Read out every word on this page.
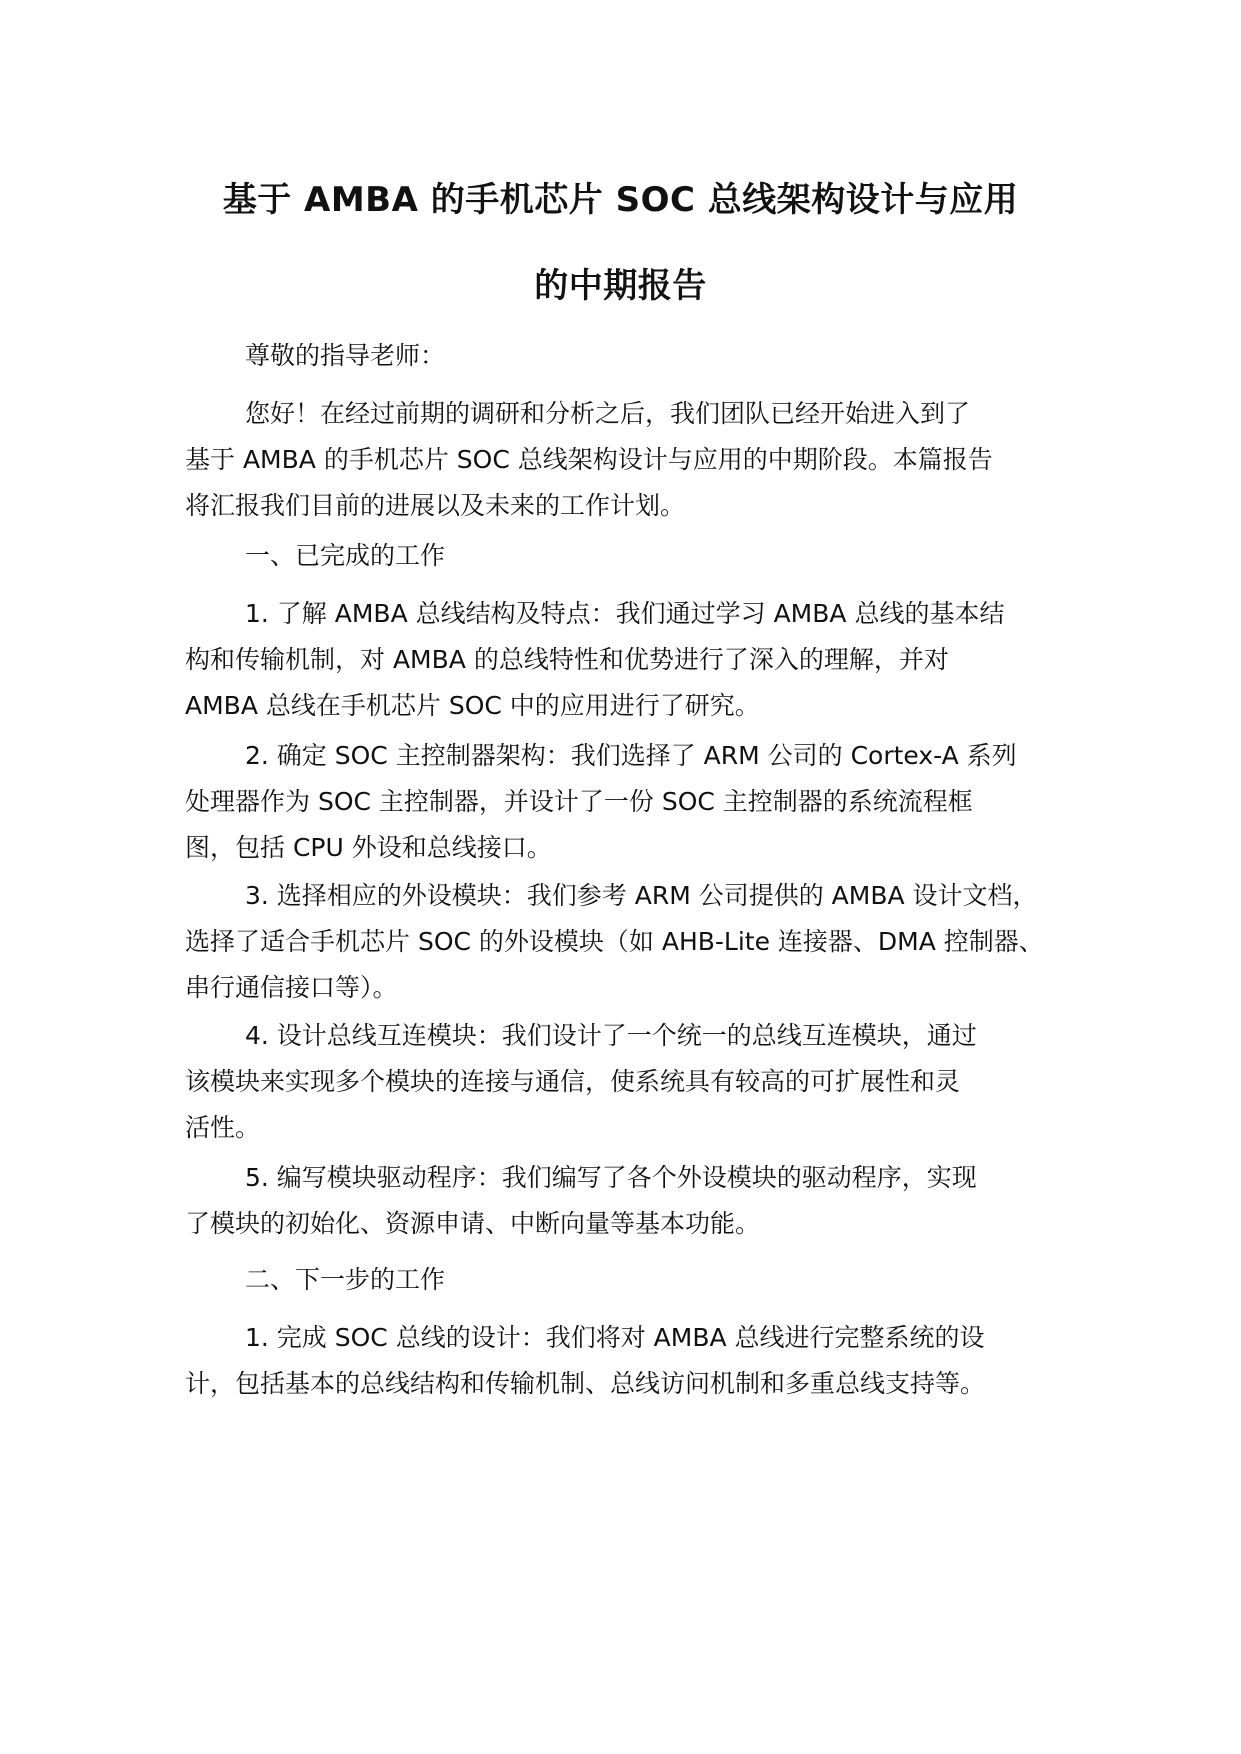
基于 AMBA 的手机芯片 SOC 总线架构设计与应用
的中期报告

尊敬的指导老师：

您好！在经过前期的调研和分析之后，我们团队已经开始进入到了
基于 AMBA 的手机芯片 SOC 总线架构设计与应用的中期阶段。本篇报告
将汇报我们目前的进展以及未来的工作计划。

一、已完成的工作

1. 了解 AMBA 总线结构及特点：我们通过学习 AMBA 总线的基本结
构和传输机制，对 AMBA 的总线特性和优势进行了深入的理解，并对
AMBA 总线在手机芯片 SOC 中的应用进行了研究。

2. 确定 SOC 主控制器架构：我们选择了 ARM 公司的 Cortex-A 系列
处理器作为 SOC 主控制器，并设计了一份 SOC 主控制器的系统流程框
图，包括 CPU 外设和总线接口。

3. 选择相应的外设模块：我们参考 ARM 公司提供的 AMBA 设计文档，
选择了适合手机芯片 SOC 的外设模块（如 AHB-Lite 连接器、DMA 控制器、
串行通信接口等）。

4. 设计总线互连模块：我们设计了一个统一的总线互连模块，通过
该模块来实现多个模块的连接与通信，使系统具有较高的可扩展性和灵
活性。

5. 编写模块驱动程序：我们编写了各个外设模块的驱动程序，实现
了模块的初始化、资源申请、中断向量等基本功能。

二、下一步的工作

1. 完成 SOC 总线的设计：我们将对 AMBA 总线进行完整系统的设
计，包括基本的总线结构和传输机制、总线访问机制和多重总线支持等。
